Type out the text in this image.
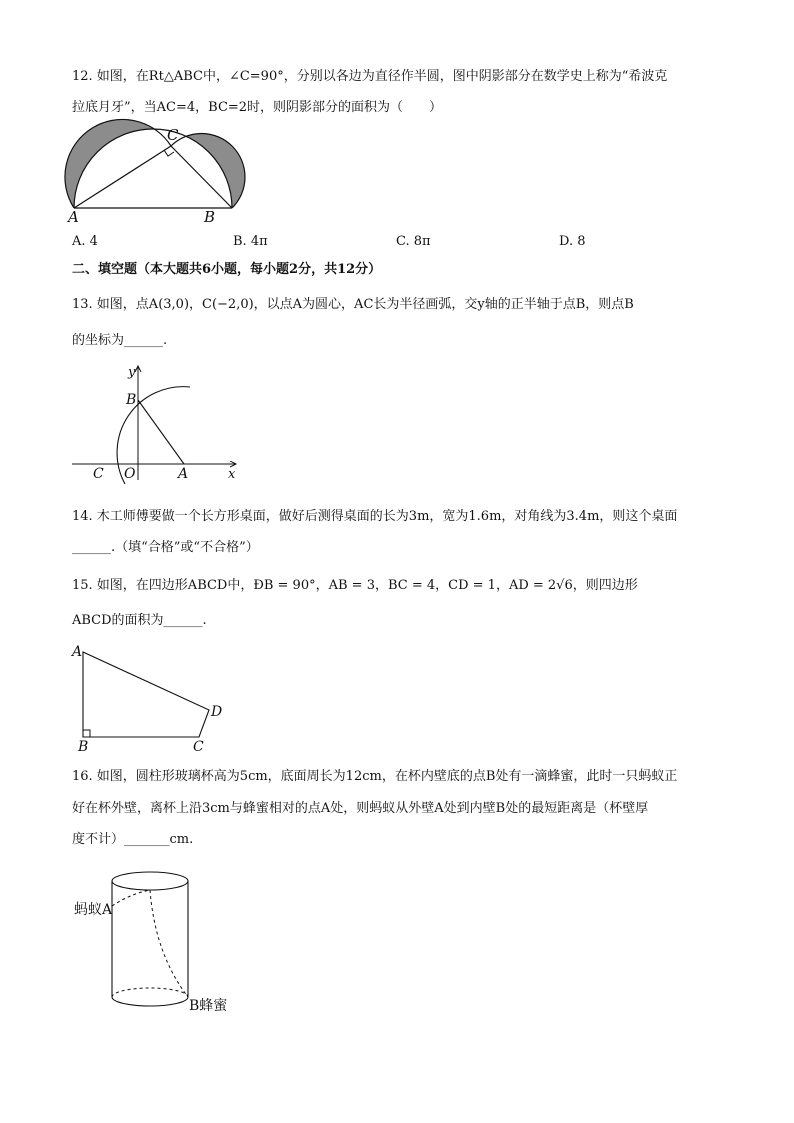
12. 如图，在Rt△ABC中，∠C=90°，分别以各边为直径作半圆，图中阴影部分在数学史上称为“希波克
拉底月牙”，当AC=4，BC=2时，则阴影部分的面积为（　　）
A	B
C
A. 4	B. 4π	C. 8π	D. 8
二、填空题（本大题共6小题，每小题2分，共12分）
13. 如图，点A(3,0)，C(−2,0)，以点A为圆心，AC长为半径画弧，交y轴的正半轴于点B，则点B
的坐标为______.
y
x
B
C O	A
14. 木工师傅要做一个长方形桌面，做好后测得桌面的长为3m，宽为1.6m，对角线为3.4m，则这个桌面
______.（填“合格”或“不合格”）
15. 如图，在四边形ABCD中，ÐB = 90°，AB = 3，BC = 4，CD = 1，AD = 2√6，则四边形
ABCD的面积为______.
A
B	C
D
16. 如图，圆柱形玻璃杯高为5cm，底面周长为12cm，在杯内壁底的点B处有一滴蜂蜜，此时一只蚂蚁正
好在杯外壁，离杯上沿3cm与蜂蜜相对的点A处，则蚂蚁从外壁A处到内壁B处的最短距离是（杯壁厚
度不计）_______cm.
蚂蚁A
B蜂蜜
